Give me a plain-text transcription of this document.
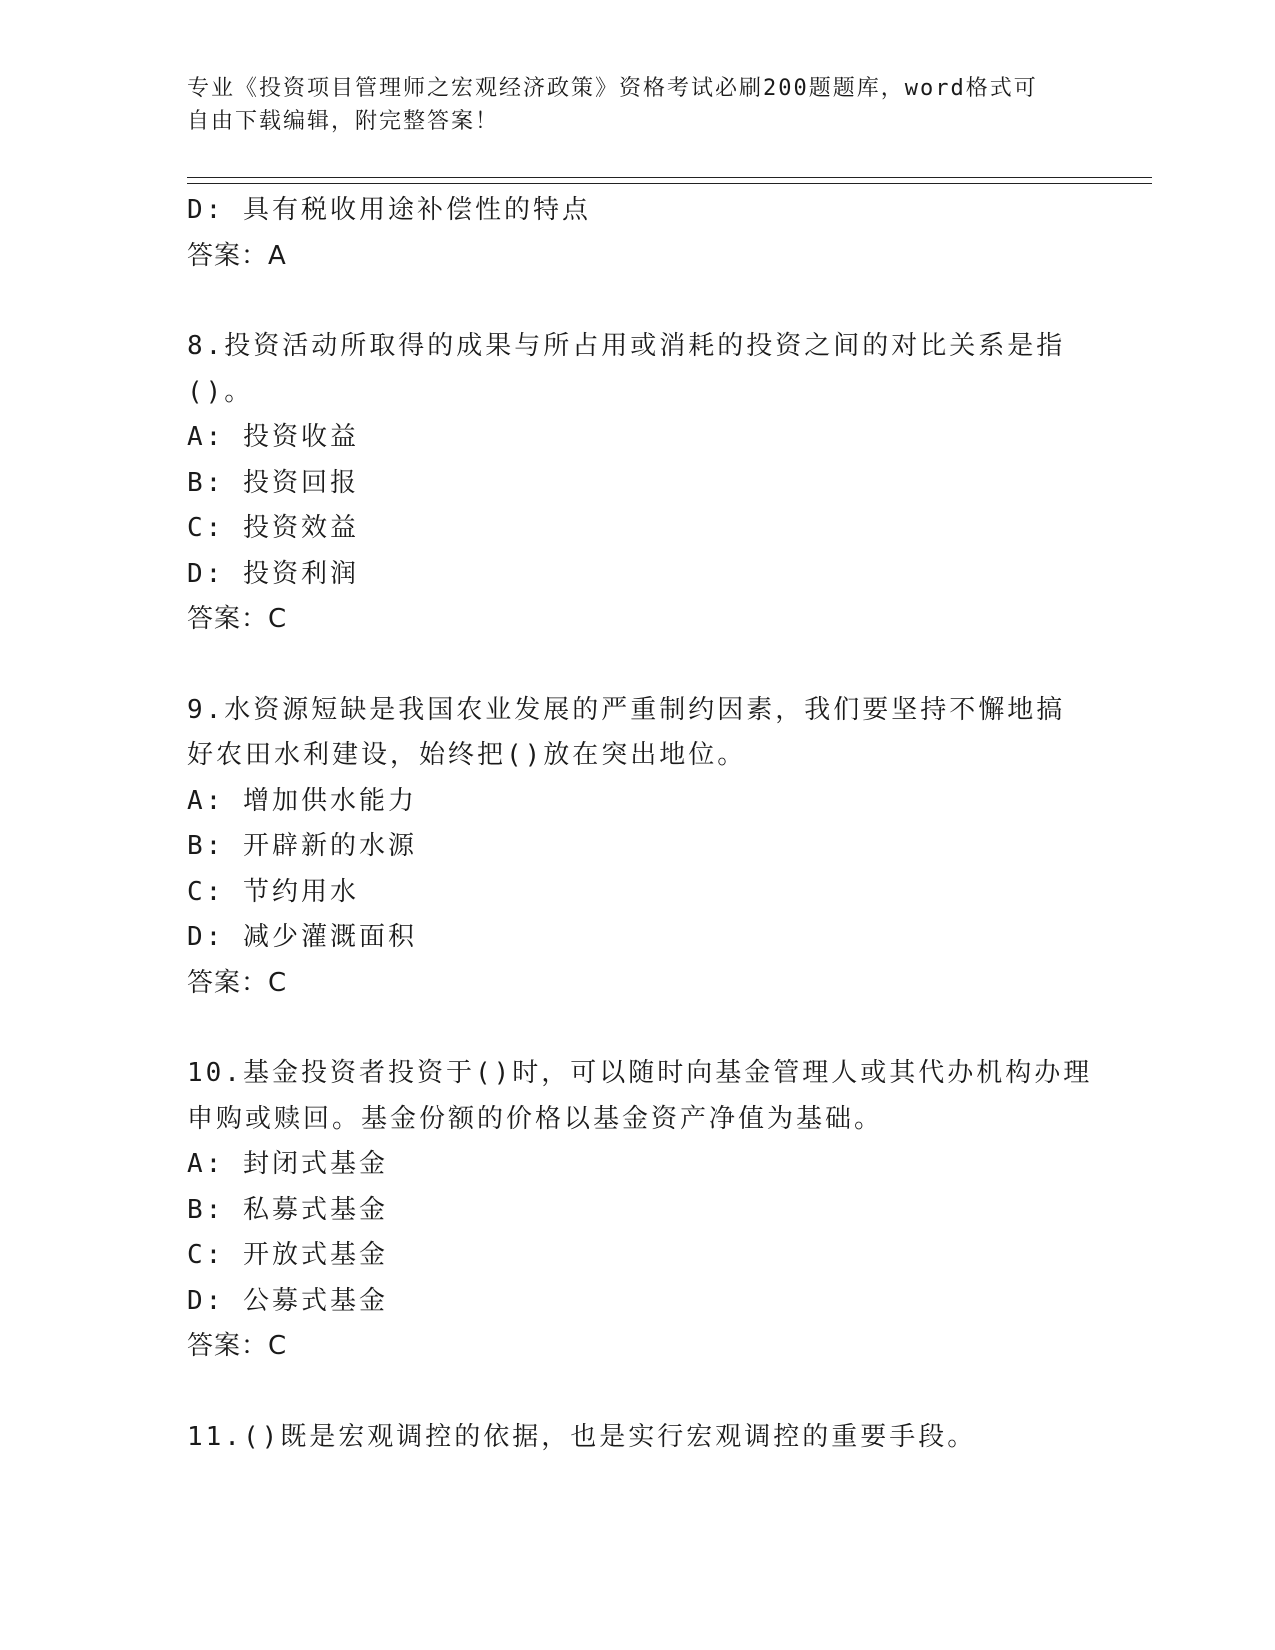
专业《投资项目管理师之宏观经济政策》资格考试必刷200题题库，word格式可
自由下载编辑，附完整答案！
D: 具有税收用途补偿性的特点
答案：A
8.投资活动所取得的成果与所占用或消耗的投资之间的对比关系是指
()。
A: 投资收益
B: 投资回报
C: 投资效益
D: 投资利润
答案：C
9.水资源短缺是我国农业发展的严重制约因素，我们要坚持不懈地搞
好农田水利建设，始终把()放在突出地位。
A: 增加供水能力
B: 开辟新的水源
C: 节约用水
D: 减少灌溉面积
答案：C
10.基金投资者投资于()时，可以随时向基金管理人或其代办机构办理
申购或赎回。基金份额的价格以基金资产净值为基础。
A: 封闭式基金
B: 私募式基金
C: 开放式基金
D: 公募式基金
答案：C
11.()既是宏观调控的依据，也是实行宏观调控的重要手段。
